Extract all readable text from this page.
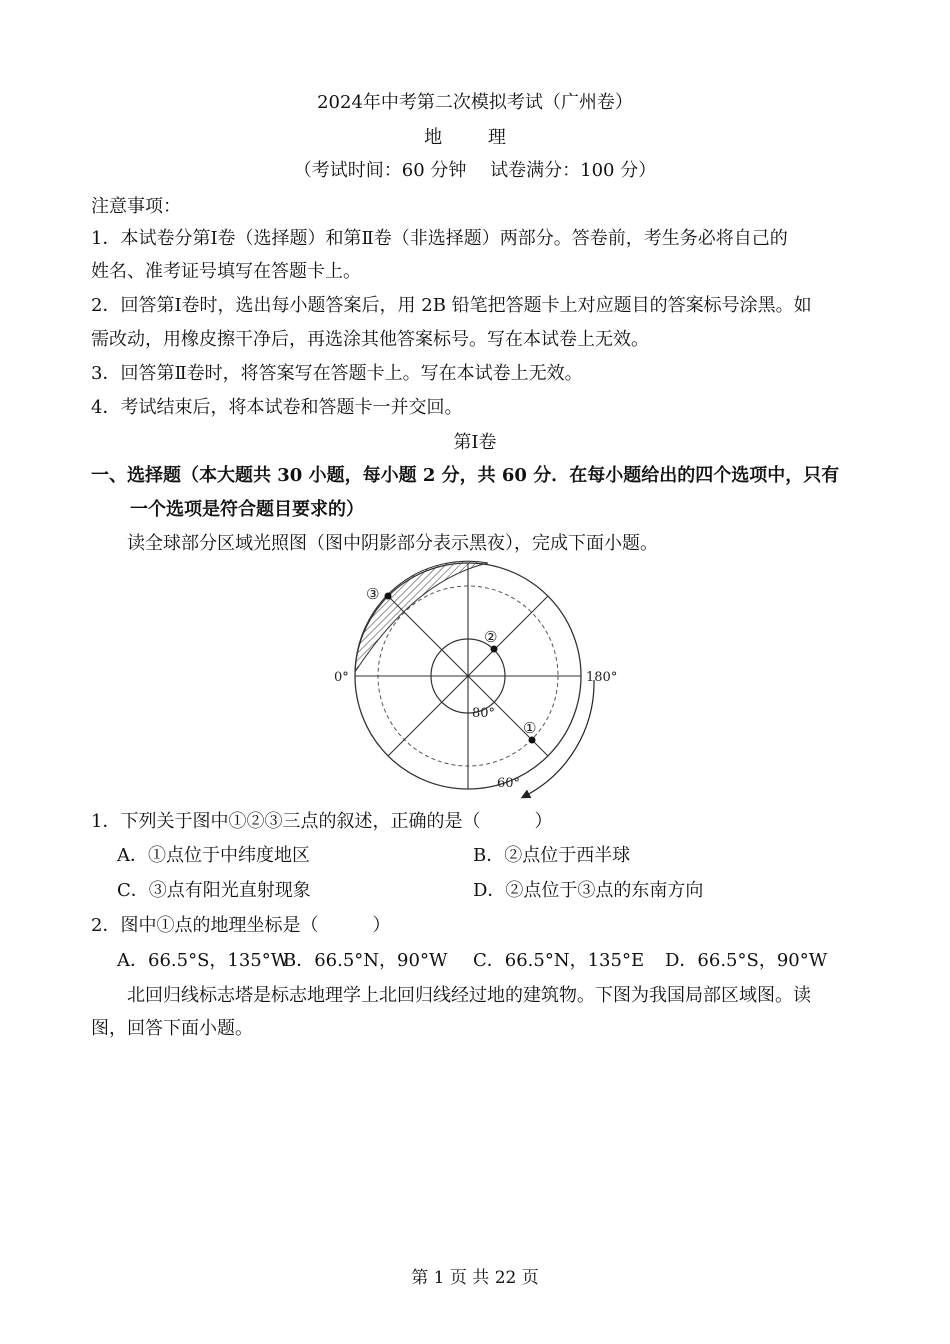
2024年中考第二次模拟考试（广州卷）
地 理
（考试时间：60 分钟　 试卷满分：100 分）
注意事项：
1．本试卷分第Ⅰ卷（选择题）和第Ⅱ卷（非选择题）两部分。答卷前，考生务必将自己的
姓名、准考证号填写在答题卡上。
2．回答第Ⅰ卷时，选出每小题答案后，用 2B 铅笔把答题卡上对应题目的答案标号涂黑。如
需改动，用橡皮擦干净后，再选涂其他答案标号。写在本试卷上无效。
3．回答第Ⅱ卷时，将答案写在答题卡上。写在本试卷上无效。
4．考试结束后，将本试卷和答题卡一并交回。
第Ⅰ卷
一、选择题（本大题共 30 小题，每小题 2 分，共 60 分．在每小题给出的四个选项中，只有
一个选项是符合题目要求的）
读全球部分区域光照图（图中阴影部分表示黑夜），完成下面小题。
③
②
①
0°	180°
80°
60°
1．下列关于图中①②③三点的叙述，正确的是（　　　）
A．①点位于中纬度地区	B．②点位于西半球
C．③点有阳光直射现象	D．②点位于③点的东南方向
2．图中①点的地理坐标是（　　　）
A．66.5°S，135°W
B．66.5°N，90°W C．66.5°N，135°E D．66.5°S，90°W
北回归线标志塔是标志地理学上北回归线经过地的建筑物。下图为我国局部区域图。读
图，回答下面小题。
第 1 页 共 22 页
